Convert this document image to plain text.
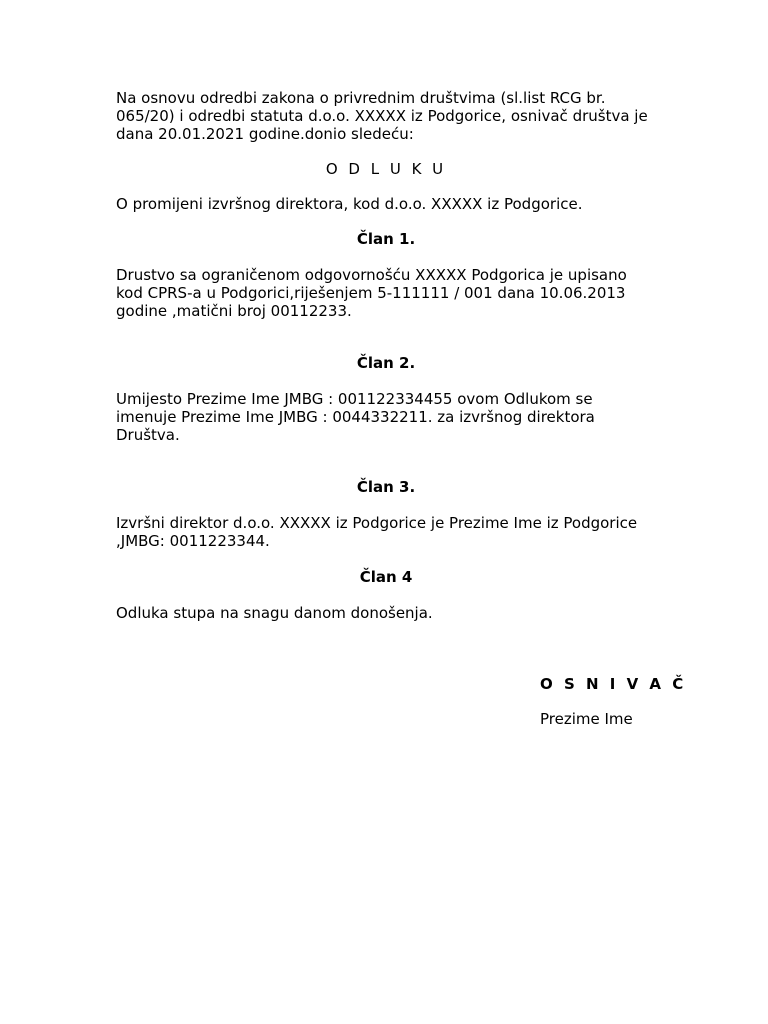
Na osnovu odredbi zakona o privrednim društvima (sl.list RCG br. 065/20) i odredbi statuta d.o.o. XXXXX iz Podgorice, osnivač društva je dana 20.01.2021 godine.donio sledeću:

O D L U K U

O promijeni izvršnog direktora, kod d.o.o. XXXXX iz Podgorice.

Član 1.

Drustvo sa ograničenom odgovornošću XXXXX Podgorica je upisano kod CPRS-a u Podgorici,riješenjem 5-111111 / 001 dana 10.06.2013 godine ,matični broj 00112233.

Član 2.

Umijesto Prezime Ime JMBG : 001122334455 ovom Odlukom se imenuje Prezime Ime JMBG : 0044332211. za izvršnog direktora Društva.

Član 3.

Izvršni direktor d.o.o. XXXXX iz Podgorice je Prezime Ime iz Podgorice ,JMBG: 0011223344.

Član 4

Odluka stupa na snagu danom donošenja.

O S N I V A Č

Prezime Ime
